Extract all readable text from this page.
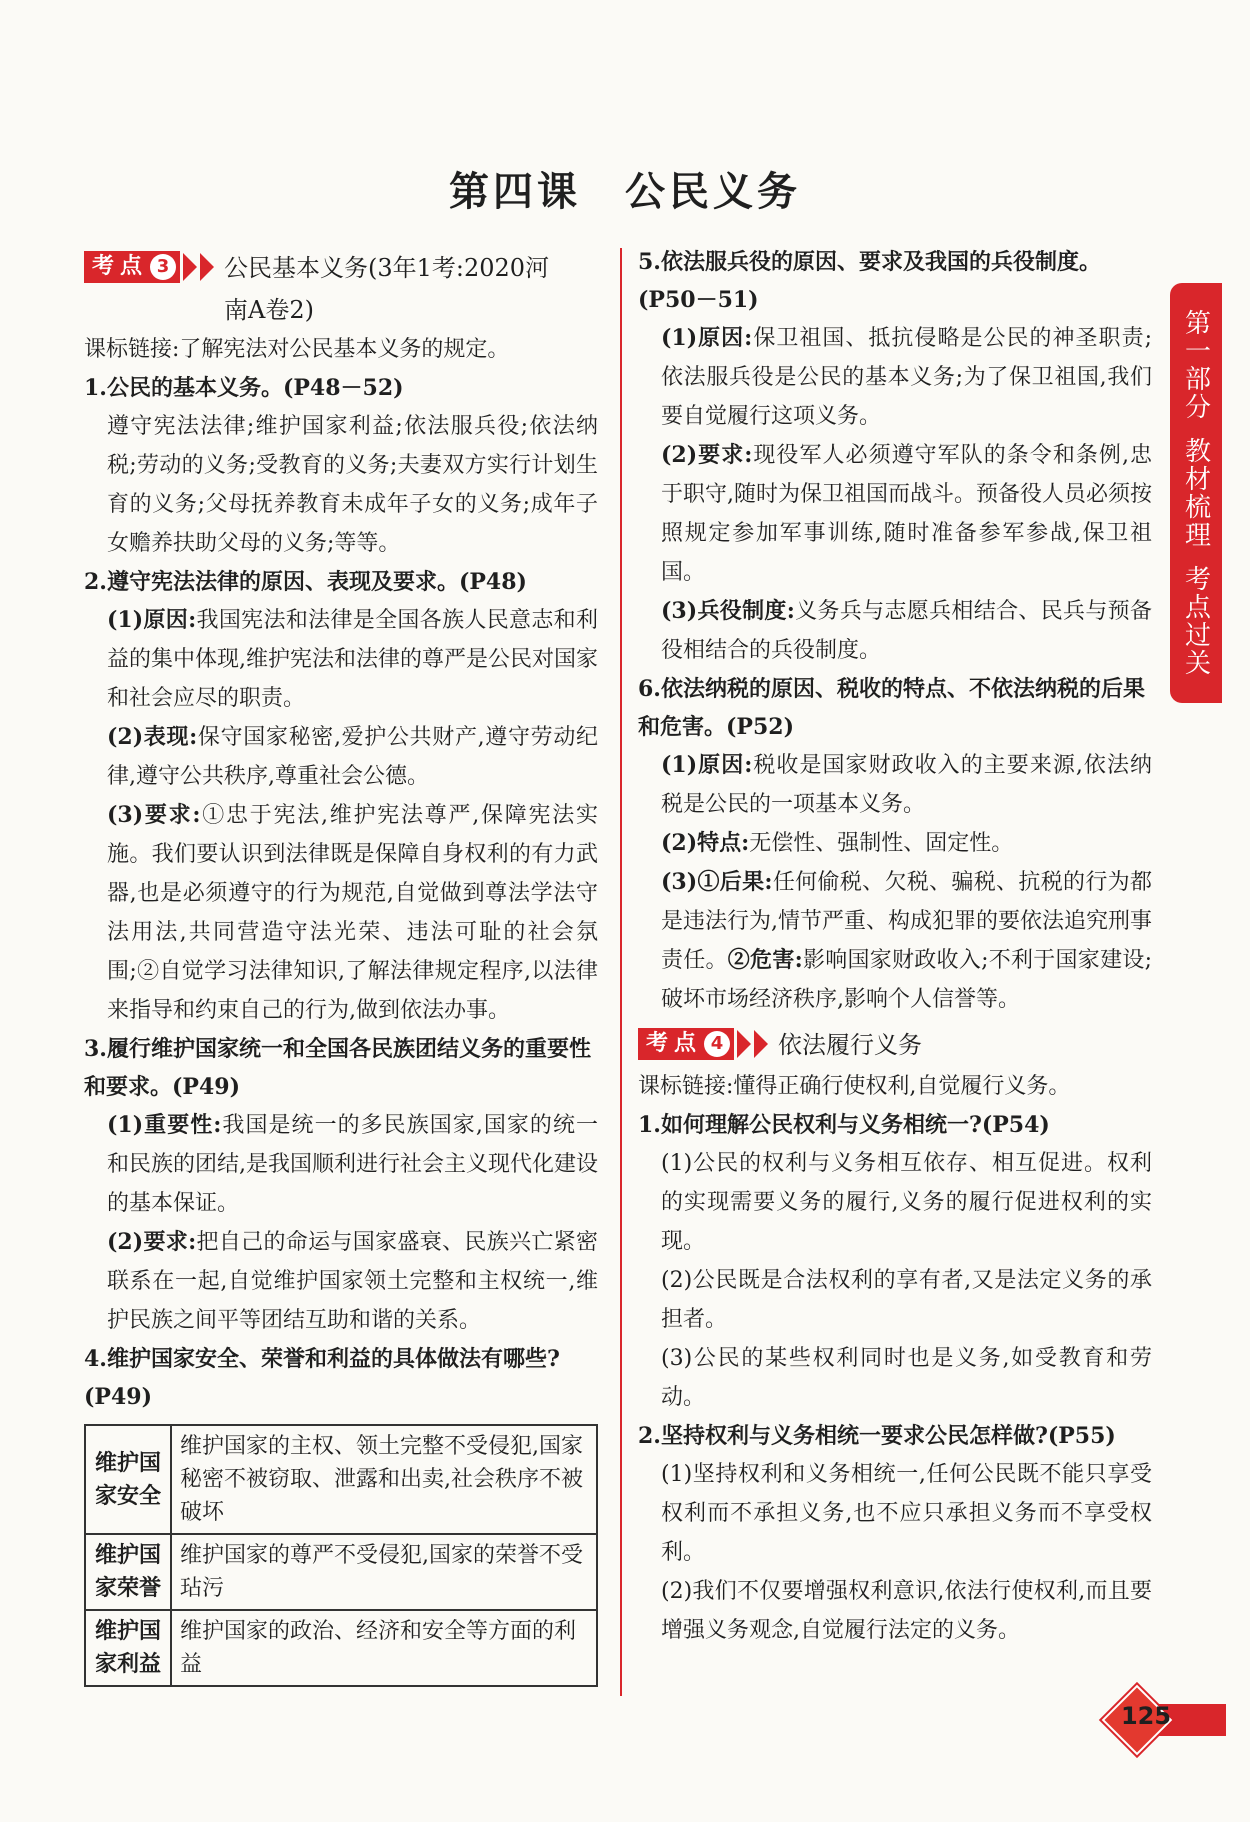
第四课　公民义务
考点 3 公民基本义务(3年1考:2020河
南A卷2)

课标链接:了解宪法对公民基本义务的规定。

1.公民的基本义务。(P48－52)

遵守宪法法律;维护国家利益;依法服兵役;依法纳税;劳动的义务;受教育的义务;夫妻双方实行计划生育的义务;父母抚养教育未成年子女的义务;成年子女赡养扶助父母的义务;等等。

2.遵守宪法法律的原因、表现及要求。(P48)

(1)原因:我国宪法和法律是全国各族人民意志和利益的集中体现,维护宪法和法律的尊严是公民对国家和社会应尽的职责。

(2)表现:保守国家秘密,爱护公共财产,遵守劳动纪律,遵守公共秩序,尊重社会公德。

(3)要求:①忠于宪法,维护宪法尊严,保障宪法实施。我们要认识到法律既是保障自身权利的有力武器,也是必须遵守的行为规范,自觉做到尊法学法守法用法,共同营造守法光荣、违法可耻的社会氛围;②自觉学习法律知识,了解法律规定程序,以法律来指导和约束自己的行为,做到依法办事。

3.履行维护国家统一和全国各民族团结义务的重要性和要求。(P49)

(1)重要性:我国是统一的多民族国家,国家的统一和民族的团结,是我国顺利进行社会主义现代化建设的基本保证。

(2)要求:把自己的命运与国家盛衰、民族兴亡紧密联系在一起,自觉维护国家领土完整和主权统一,维护民族之间平等团结互助和谐的关系。

4.维护国家安全、荣誉和利益的具体做法有哪些?(P49)

维护国家安全	维护国家的主权、领土完整不受侵犯,国家秘密不被窃取、泄露和出卖,社会秩序不被破坏
维护国家荣誉	维护国家的尊严不受侵犯,国家的荣誉不受玷污
维护国家利益	维护国家的政治、经济和安全等方面的利益

5.依法服兵役的原因、要求及我国的兵役制度。(P50－51)

(1)原因:保卫祖国、抵抗侵略是公民的神圣职责;依法服兵役是公民的基本义务;为了保卫祖国,我们要自觉履行这项义务。

(2)要求:现役军人必须遵守军队的条令和条例,忠于职守,随时为保卫祖国而战斗。预备役人员必须按照规定参加军事训练,随时准备参军参战,保卫祖国。

(3)兵役制度:义务兵与志愿兵相结合、民兵与预备役相结合的兵役制度。

6.依法纳税的原因、税收的特点、不依法纳税的后果和危害。(P52)

(1)原因:税收是国家财政收入的主要来源,依法纳税是公民的一项基本义务。

(2)特点:无偿性、强制性、固定性。

(3)①后果:任何偷税、欠税、骗税、抗税的行为都是违法行为,情节严重、构成犯罪的要依法追究刑事责任。②危害:影响国家财政收入;不利于国家建设;破坏市场经济秩序,影响个人信誉等。

考点 4 依法履行义务

课标链接:懂得正确行使权利,自觉履行义务。

1.如何理解公民权利与义务相统一?(P54)

(1)公民的权利与义务相互依存、相互促进。权利的实现需要义务的履行,义务的履行促进权利的实现。

(2)公民既是合法权利的享有者,又是法定义务的承担者。

(3)公民的某些权利同时也是义务,如受教育和劳动。

2.坚持权利与义务相统一要求公民怎样做?(P55)

(1)坚持权利和义务相统一,任何公民既不能只享受权利而不承担义务,也不应只承担义务而不享受权利。

(2)我们不仅要增强权利意识,依法行使权利,而且要增强义务观念,自觉履行法定的义务。

第一部分
教材梳理
考点过关
125
